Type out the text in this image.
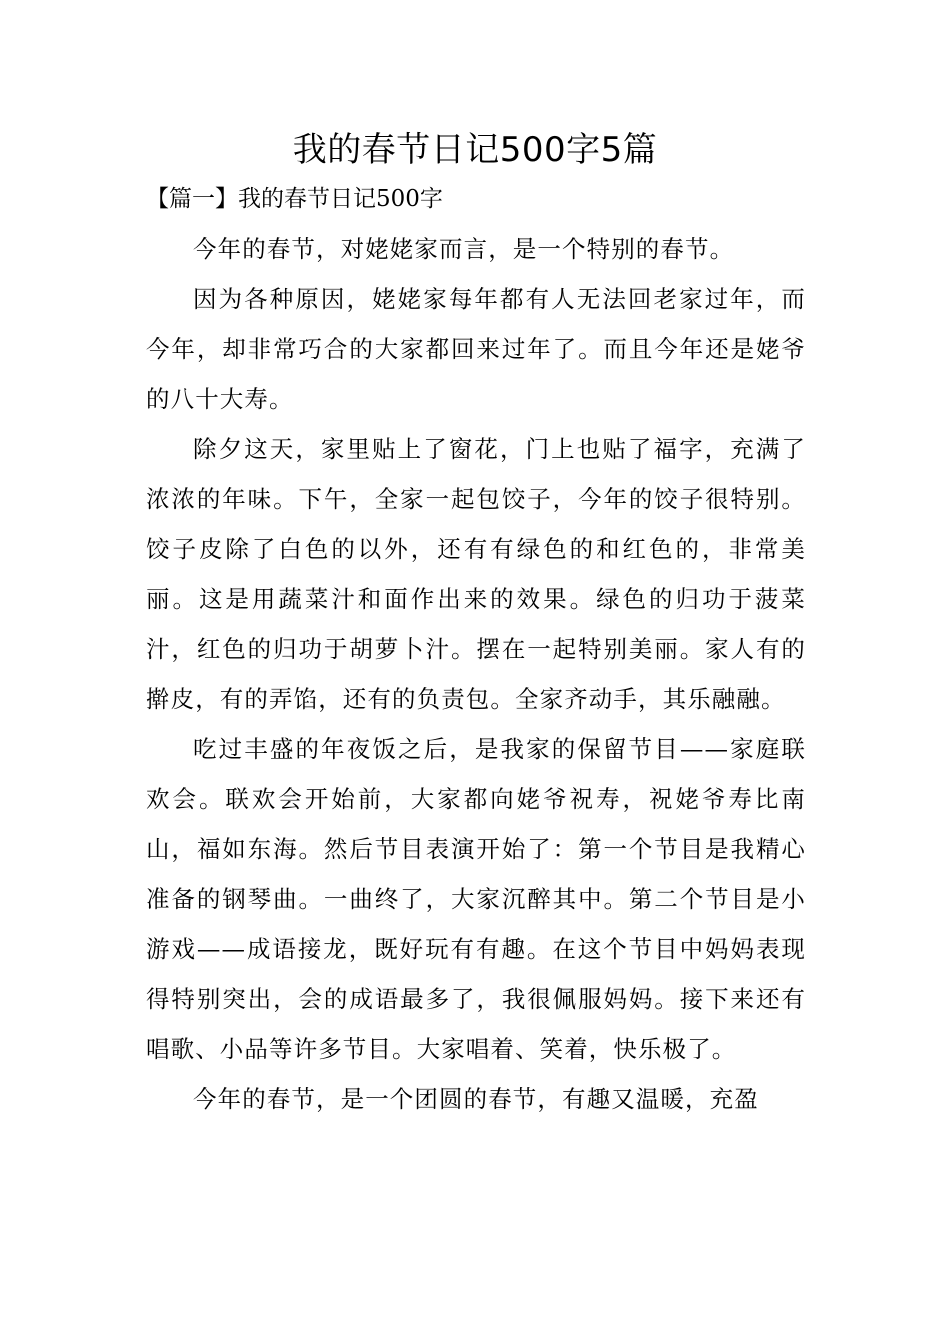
我的春节日记500字5篇
【篇一】我的春节日记500字

今年的春节，对姥姥家而言，是一个特别的春节。

因为各种原因，姥姥家每年都有人无法回老家过年，而今年，却非常巧合的大家都回来过年了。而且今年还是姥爷的八十大寿。

除夕这天，家里贴上了窗花，门上也贴了福字，充满了浓浓的年味。下午，全家一起包饺子，今年的饺子很特别。饺子皮除了白色的以外，还有有绿色的和红色的，非常美丽。这是用蔬菜汁和面作出来的效果。绿色的归功于菠菜汁，红色的归功于胡萝卜汁。摆在一起特别美丽。家人有的擀皮，有的弄馅，还有的负责包。全家齐动手，其乐融融。

吃过丰盛的年夜饭之后，是我家的保留节目——家庭联欢会。联欢会开始前，大家都向姥爷祝寿，祝姥爷寿比南山，福如东海。然后节目表演开始了：第一个节目是我精心准备的钢琴曲。一曲终了，大家沉醉其中。第二个节目是小游戏——成语接龙，既好玩有有趣。在这个节目中妈妈表现得特别突出，会的成语最多了，我很佩服妈妈。接下来还有唱歌、小品等许多节目。大家唱着、笑着，快乐极了。

今年的春节，是一个团圆的春节，有趣又温暖，充盈
